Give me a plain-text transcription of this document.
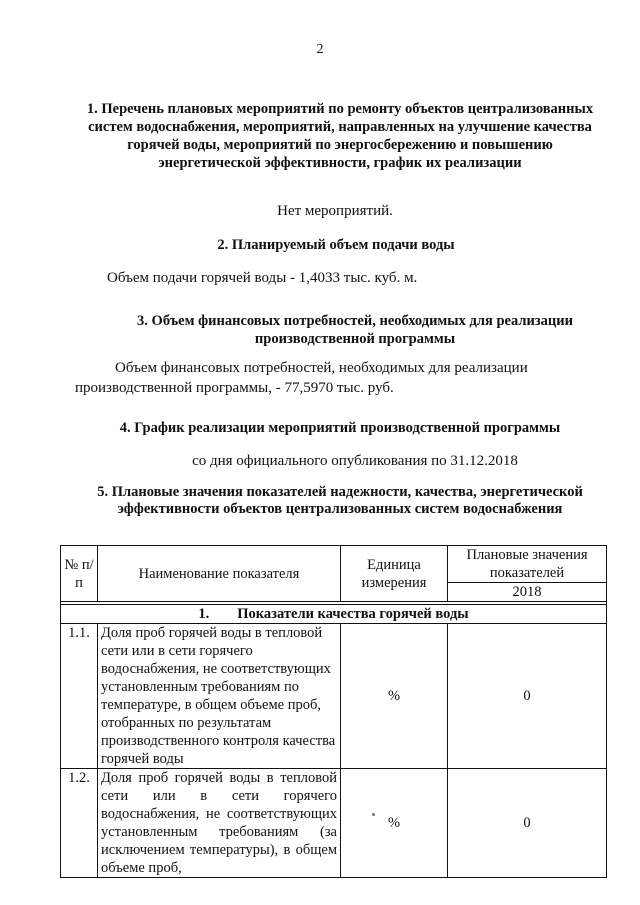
2
1. Перечень плановых мероприятий по ремонту объектов централизованных систем водоснабжения, мероприятий, направленных на улучшение качества горячей воды, мероприятий по энергосбережению и повышению энергетической эффективности, график их реализации
Нет мероприятий.
2. Планируемый объем подачи воды
Объем подачи горячей воды - 1,4033 тыс. куб. м.
3. Объем финансовых потребностей, необходимых для реализации производственной программы
Объем финансовых потребностей, необходимых для реализации производственной программы, - 77,5970 тыс. руб.
4. График реализации мероприятий производственной программы
со дня официального опубликования по 31.12.2018
5. Плановые значения показателей надежности, качества, энергетической эффективности объектов централизованных систем водоснабжения
№ п/п	Наименование показателя	Единица измерения	Плановые значения показателей
			2018

1. Показатели качества горячей воды			
1.1.	Доля проб горячей воды в тепловой сети или в сети горячего водоснабжения, не соответствующих установленным требованиям по температуре, в общем объеме проб, отобранных по результатам производственного контроля качества горячей воды	%	0
1.2.	Доля проб горячей воды в тепловой сети или в сети горячего водоснабжения, не соответствующих установленным требованиям (за исключением температуры), в общем объеме проб,	%	0
